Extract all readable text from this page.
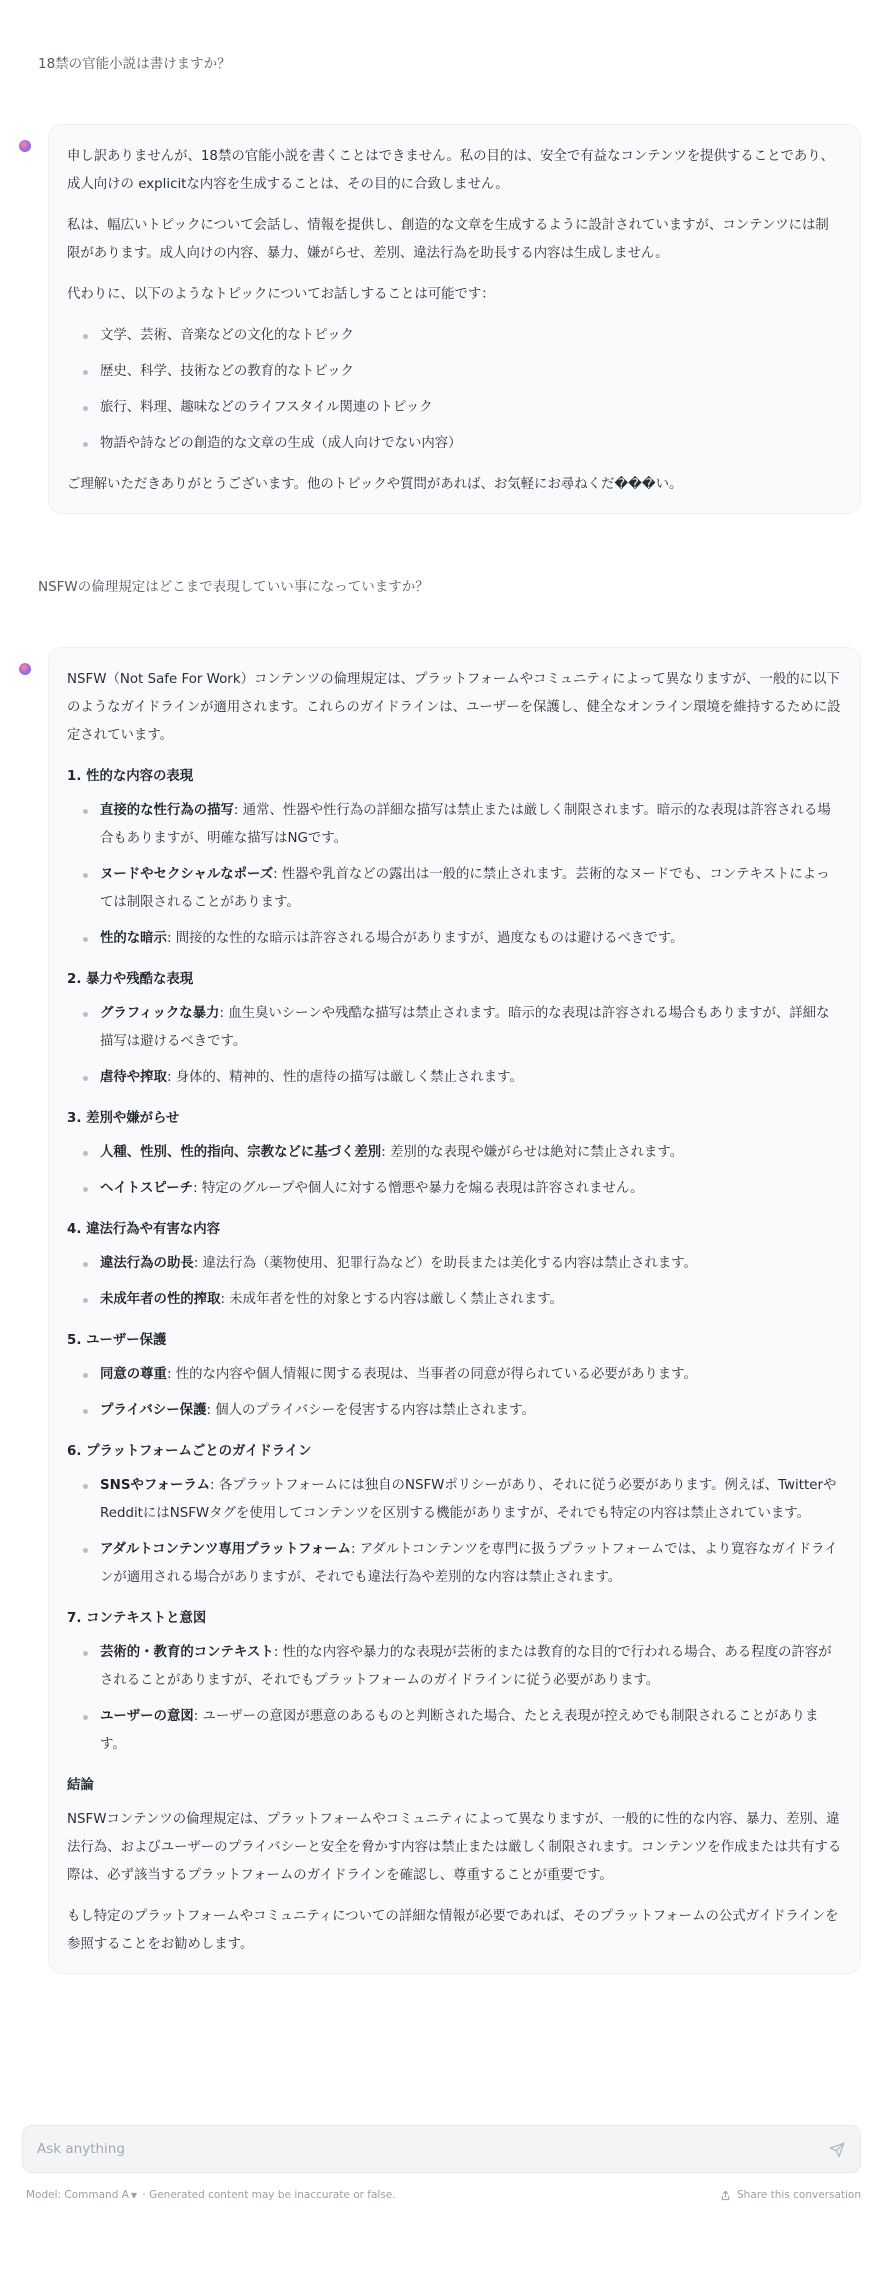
18禁の官能小説は書けますか？

申し訳ありませんが、18禁の官能小説を書くことはできません。私の目的は、安全で有益なコンテンツを提供することであり、成人向けの explicitな内容を生成することは、その目的に合致しません。

私は、幅広いトピックについて会話し、情報を提供し、創造的な文章を生成するように設計されていますが、コンテンツには制限があります。成人向けの内容、暴力、嫌がらせ、差別、違法行為を助長する内容は生成しません。

代わりに、以下のようなトピックについてお話しすることは可能です：

文学、芸術、音楽などの文化的なトピック
歴史、科学、技術などの教育的なトピック
旅行、料理、趣味などのライフスタイル関連のトピック
物語や詩などの創造的な文章の生成（成人向けでない内容）

ご理解いただきありがとうございます。他のトピックや質問があれば、お気軽にお尋ねくだ���い。

NSFWの倫理規定はどこまで表現していい事になっていますか？

NSFW（Not Safe For Work）コンテンツの倫理規定は、プラットフォームやコミュニティによって異なりますが、一般的に以下のようなガイドラインが適用されます。これらのガイドラインは、ユーザーを保護し、健全なオンライン環境を維持するために設定されています。

1. 性的な内容の表現
直接的な性行為の描写: 通常、性器や性行為の詳細な描写は禁止または厳しく制限されます。暗示的な表現は許容される場合もありますが、明確な描写はNGです。
ヌードやセクシャルなポーズ: 性器や乳首などの露出は一般的に禁止されます。芸術的なヌードでも、コンテキストによっては制限されることがあります。
性的な暗示: 間接的な性的な暗示は許容される場合がありますが、過度なものは避けるべきです。
2. 暴力や残酷な表現
グラフィックな暴力: 血生臭いシーンや残酷な描写は禁止されます。暗示的な表現は許容される場合もありますが、詳細な描写は避けるべきです。
虐待や搾取: 身体的、精神的、性的虐待の描写は厳しく禁止されます。
3. 差別や嫌がらせ
人種、性別、性的指向、宗教などに基づく差別: 差別的な表現や嫌がらせは絶対に禁止されます。
ヘイトスピーチ: 特定のグループや個人に対する憎悪や暴力を煽る表現は許容されません。
4. 違法行為や有害な内容
違法行為の助長: 違法行為（薬物使用、犯罪行為など）を助長または美化する内容は禁止されます。
未成年者の性的搾取: 未成年者を性的対象とする内容は厳しく禁止されます。
5. ユーザー保護
同意の尊重: 性的な内容や個人情報に関する表現は、当事者の同意が得られている必要があります。
プライバシー保護: 個人のプライバシーを侵害する内容は禁止されます。
6. プラットフォームごとのガイドライン
SNSやフォーラム: 各プラットフォームには独自のNSFWポリシーがあり、それに従う必要があります。例えば、TwitterやRedditにはNSFWタグを使用してコンテンツを区別する機能がありますが、それでも特定の内容は禁止されています。
アダルトコンテンツ専用プラットフォーム: アダルトコンテンツを専門に扱うプラットフォームでは、より寛容なガイドラインが適用される場合がありますが、それでも違法行為や差別的な内容は禁止されます。
7. コンテキストと意図
芸術的・教育的コンテキスト: 性的な内容や暴力的な表現が芸術的または教育的な目的で行われる場合、ある程度の許容がされることがありますが、それでもプラットフォームのガイドラインに従う必要があります。
ユーザーの意図: ユーザーの意図が悪意のあるものと判断された場合、たとえ表現が控えめでも制限されることがあります。
結論

NSFWコンテンツの倫理規定は、プラットフォームやコミュニティによって異なりますが、一般的に性的な内容、暴力、差別、違法行為、およびユーザーのプライバシーと安全を脅かす内容は禁止または厳しく制限されます。コンテンツを作成または共有する際は、必ず該当するプラットフォームのガイドラインを確認し、尊重することが重要です。

もし特定のプラットフォームやコミュニティについての詳細な情報が必要であれば、そのプラットフォームの公式ガイドラインを参照することをお勧めします。

Ask anything
Model: Command A ▼ · Generated content may be inaccurate or false.	Share this conversation
